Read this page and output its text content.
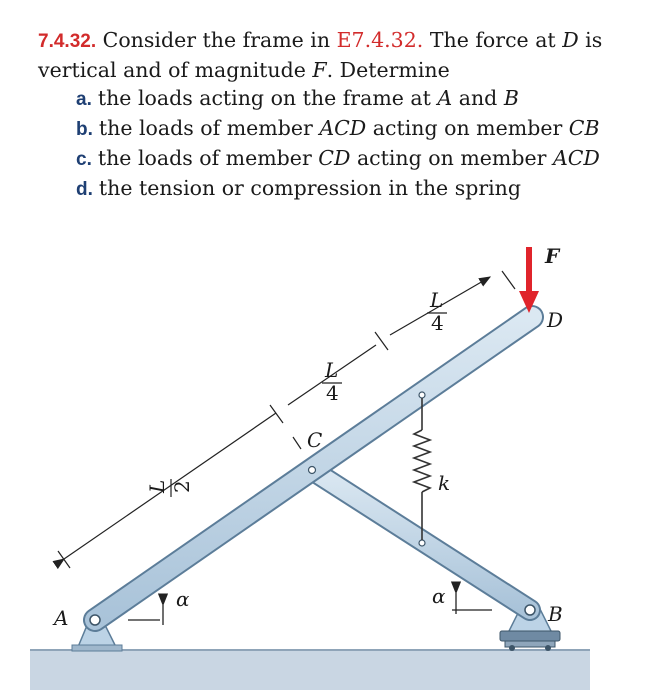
7.4.32. Consider the frame in E7.4.32. The force at D is vertical and of magnitude F. Determine
a. the loads acting on the frame at A and B
b. the loads of member ACD acting on member CB
c. the loads of member CD acting on member ACD
d. the tension or compression in the spring
k
F
D
C
A	B
α	α
L 2
L
4
L
4
